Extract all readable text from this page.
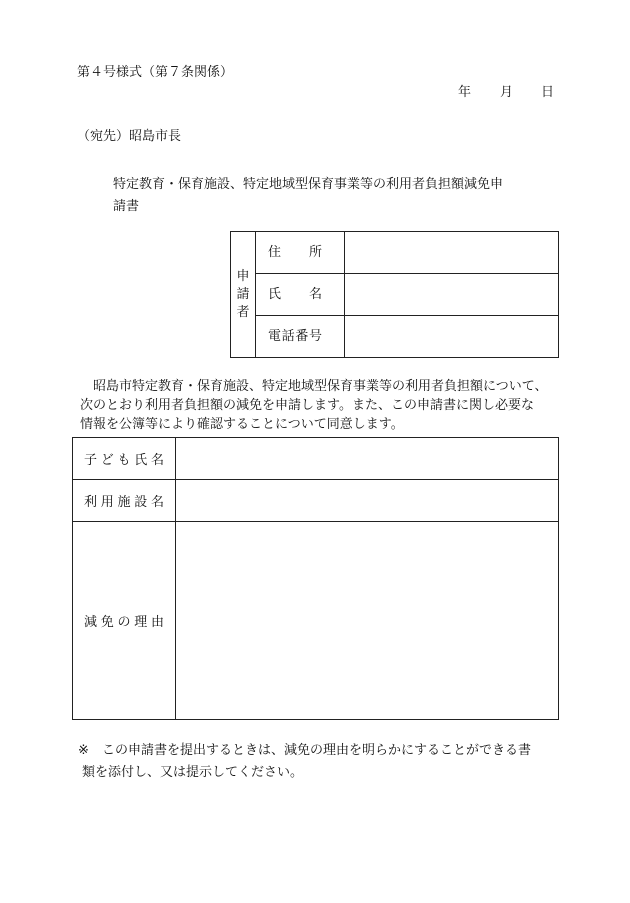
第４号様式（第７条関係）
年 月 日
（宛先）昭島市長
特定教育・保育施設、特定地域型保育事業等の利用者負担額減免申
請書
申請者	住所	
	氏名	
	電話番号	

昭島市特定教育・保育施設、特定地域型保育事業等の利用者負担額について、

次のとおり利用者負担額の減免を申請します。また、この申請書に関し必要な

情報を公簿等により確認することについて同意します。

子ども氏名	
利用施設名	
減免の理由	
※ この申請書を提出するときは、減免の理由を明らかにすることができる書
類を添付し、又は提示してください。
